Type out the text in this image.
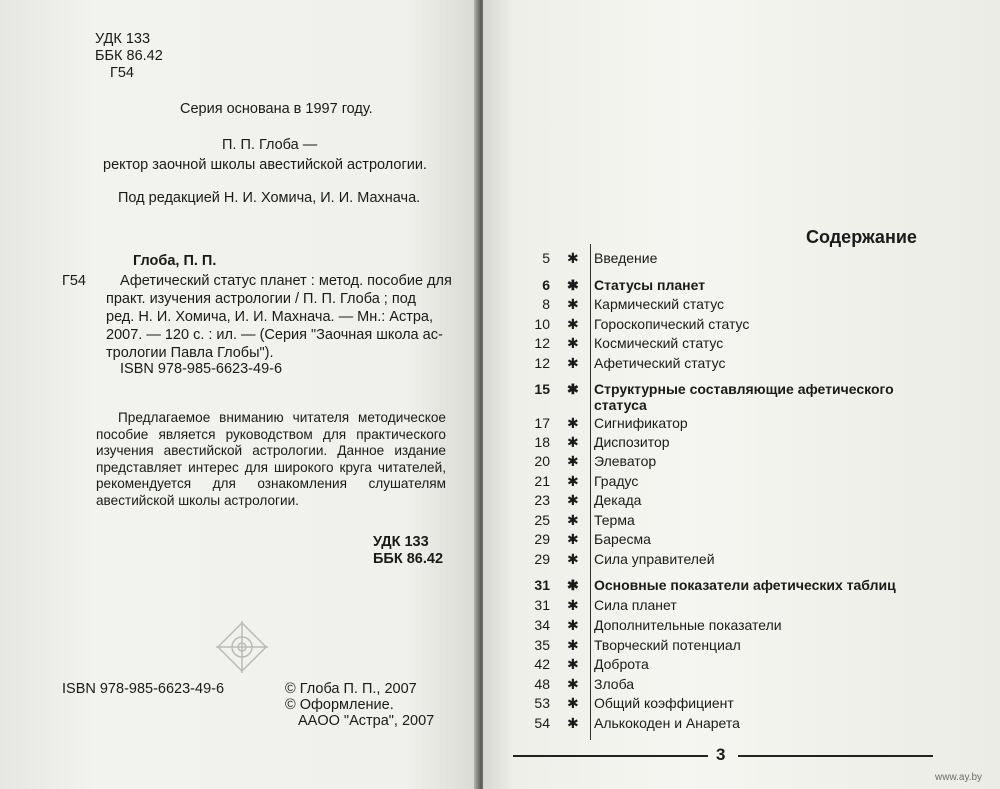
УДК 133
ББК 86.42
Г54
Серия основана в 1997 году.
П. П. Глоба —
ректор заочной школы авестийской астрологии.
Под редакцией Н. И. Хомича, И. И. Махнача.
Глоба, П. П.
Г54 Афетический статус планет : метод. пособие для
практ. изучения астрологии / П. П. Глоба ; под
ред. Н. И. Хомича, И. И. Махнача. — Мн.: Астра,
2007. — 120 с. : ил. — (Серия "Заочная школа ас-
трологии Павла Глобы").
ISBN 978-985-6623-49-6
Предлагаемое вниманию читателя методическое пособие является руководством для практического изучения авестийской астрологии. Данное издание представляет интерес для широкого круга читателей, рекомендуется для ознакомления слушателям авестийской школы астрологии.
УДК 133
ББК 86.42
ISBN 978-985-6623-49-6	© Глоба П. П., 2007
© Оформление.
АAOO "Астра", 2007
Содержание
5 ✱ Введение
6 ✱ Статусы планет
8 ✱ Кармический статус
10 ✱ Гороскопический статус
12 ✱ Космический статус
12 ✱ Афетический статус
15 ✱ Структурные составляющие афетического
статуса
17 ✱ Сигнификатор
18 ✱ Диспозитор
20 ✱ Элеватор
21 ✱ Градус
23 ✱ Декада
25 ✱ Терма
29 ✱ Баресма
29 ✱ Сила управителей
31 ✱ Основные показатели афетических таблиц
31 ✱ Сила планет
34 ✱ Дополнительные показатели
35 ✱ Творческий потенциал
42 ✱ Доброта
48 ✱ Злоба
53 ✱ Общий коэффициент
54 ✱ Алькокоден и Анарета
3
www.ay.by
